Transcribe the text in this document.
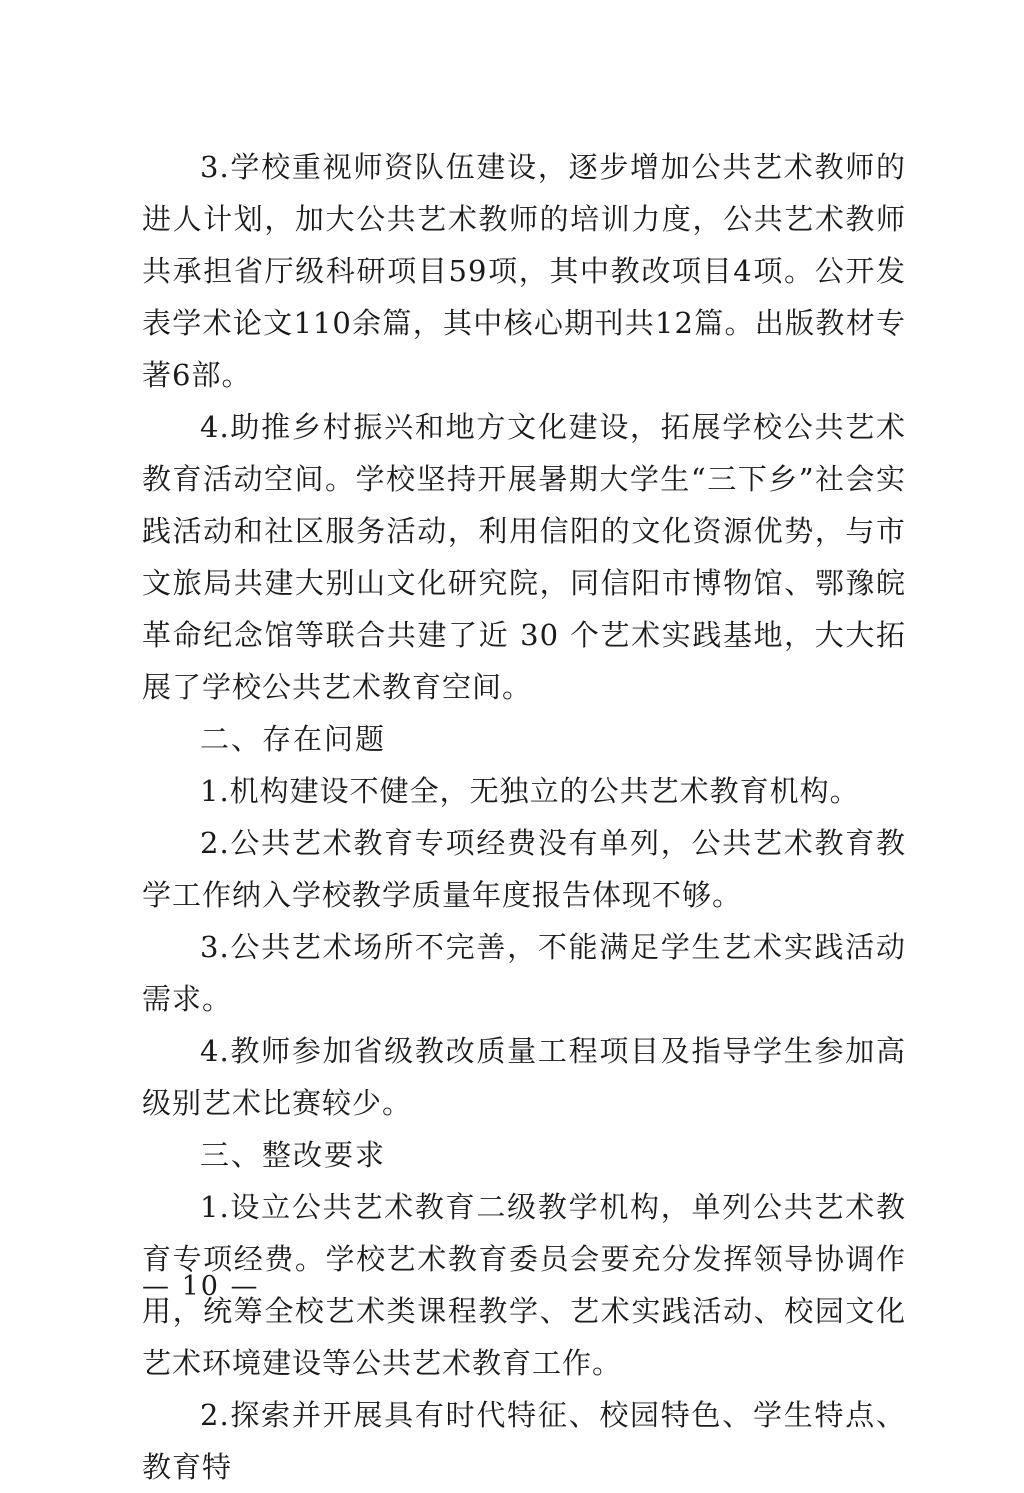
3.学校重视师资队伍建设，逐步增加公共艺术教师的进人计划，加大公共艺术教师的培训力度，公共艺术教师共承担省厅级科研项目59项，其中教改项目4项。公开发表学术论文110余篇，其中核心期刊共12篇。出版教材专著6部。

4.助推乡村振兴和地方文化建设，拓展学校公共艺术教育活动空间。学校坚持开展暑期大学生“三下乡”社会实践活动和社区服务活动，利用信阳的文化资源优势，与市文旅局共建大别山文化研究院，同信阳市博物馆、鄂豫皖革命纪念馆等联合共建了近 30 个艺术实践基地，大大拓展了学校公共艺术教育空间。

二、存在问题

1.机构建设不健全，无独立的公共艺术教育机构。

2.公共艺术教育专项经费没有单列，公共艺术教育教学工作纳入学校教学质量年度报告体现不够。

3.公共艺术场所不完善，不能满足学生艺术实践活动需求。

4.教师参加省级教改质量工程项目及指导学生参加高级别艺术比赛较少。

三、整改要求

1.设立公共艺术教育二级教学机构，单列公共艺术教育专项经费。学校艺术教育委员会要充分发挥领导协调作用，统筹全校艺术类课程教学、艺术实践活动、校园文化艺术环境建设等公共艺术教育工作。

2.探索并开展具有时代特征、校园特色、学生特点、教育特

— 10 —
